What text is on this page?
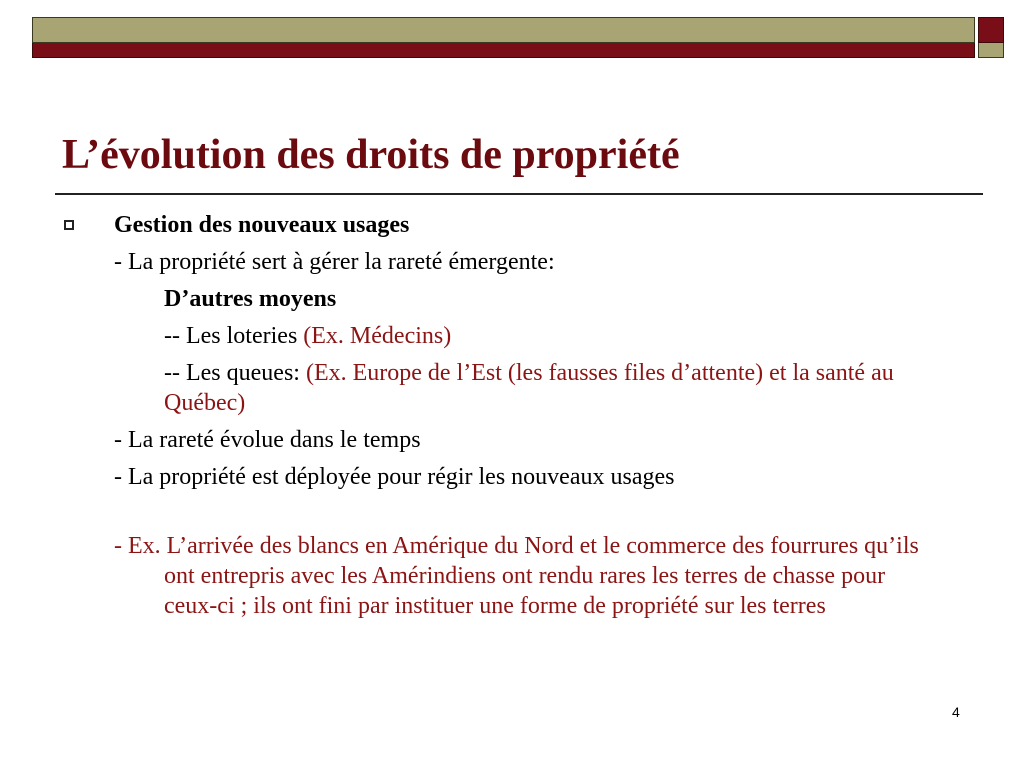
L’évolution des droits de propriété
Gestion des nouveaux usages
- La propriété sert à gérer la rareté émergente:
D’autres moyens
-- Les loteries (Ex. Médecins)
-- Les queues: (Ex. Europe de l’Est (les fausses files d’attente) et la santé au Québec)
- La rareté évolue dans le temps
- La propriété est déployée pour régir les nouveaux usages
- Ex. L’arrivée des blancs en Amérique du Nord et le commerce des fourrures qu’ils ont entrepris avec les Amérindiens ont rendu rares les terres de chasse pour ceux-ci ; ils ont fini par instituer une forme de propriété sur les terres
4
